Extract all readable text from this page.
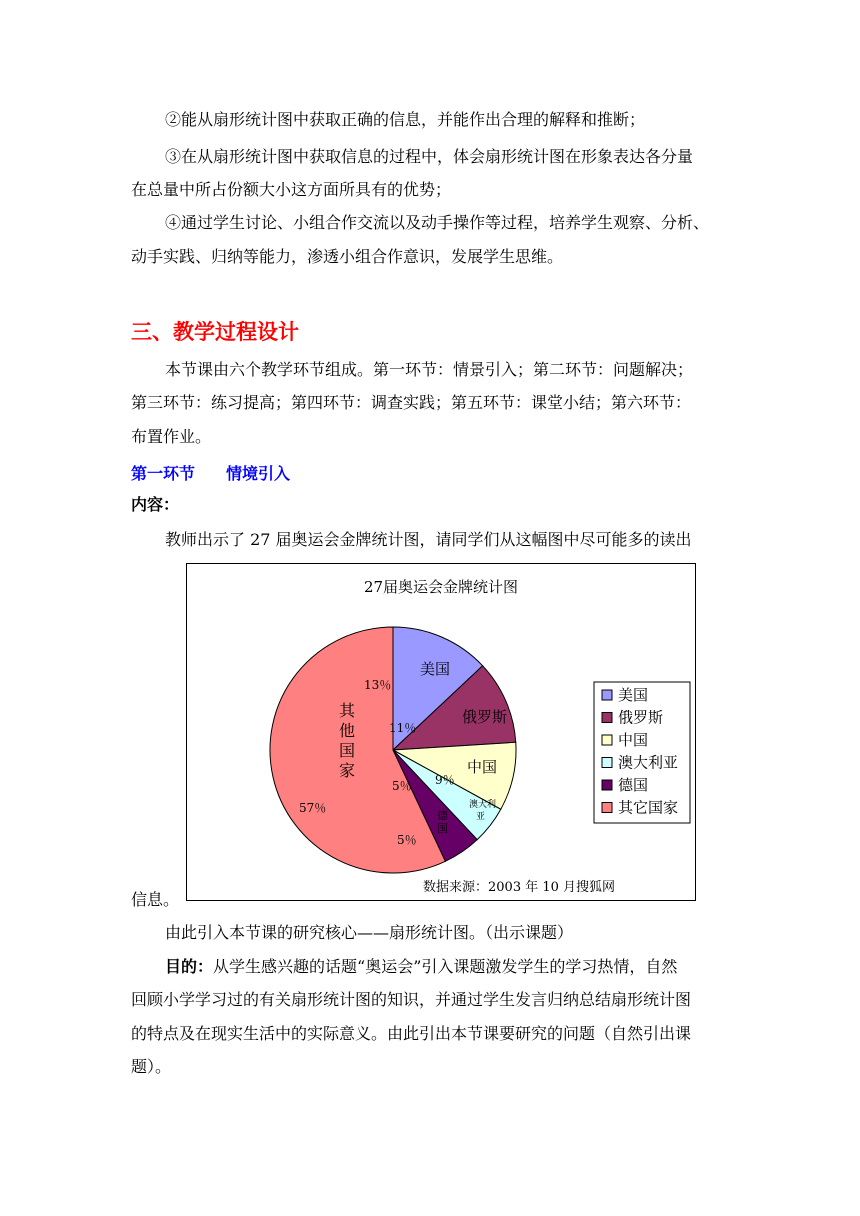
②能从扇形统计图中获取正确的信息，并能作出合理的解释和推断；
③在从扇形统计图中获取信息的过程中，体会扇形统计图在形象表达各分量
在总量中所占份额大小这方面所具有的优势；
④通过学生讨论、小组合作交流以及动手操作等过程，培养学生观察、分析、
动手实践、归纳等能力，渗透小组合作意识，发展学生思维。
三、教学过程设计
本节课由六个教学环节组成。第一环节：情景引入；第二环节：问题解决；
第三环节：练习提高；第四环节：调查实践；第五环节：课堂小结；第六环节：
布置作业。
第一环节 情境引入
内容：
教师出示了 27 届奥运会金牌统计图，请同学们从这幅图中尽可能多的读出
27届奥运会金牌统计图
13％
美国
11％
俄罗斯
9％
中国
5％
澳大利亚
5％
德国
57％
其他国家
美国
俄罗斯
中国
澳大利亚
德国
其它国家
数据来源：2003 年 10 月搜狐网
信息。
由此引入本节课的研究核心——扇形统计图。（出示课题）
目的：从学生感兴趣的话题“奥运会”引入课题激发学生的学习热情，自然
回顾小学学习过的有关扇形统计图的知识，并通过学生发言归纳总结扇形统计图
的特点及在现实生活中的实际意义。由此引出本节课要研究的问题（自然引出课
题）。
